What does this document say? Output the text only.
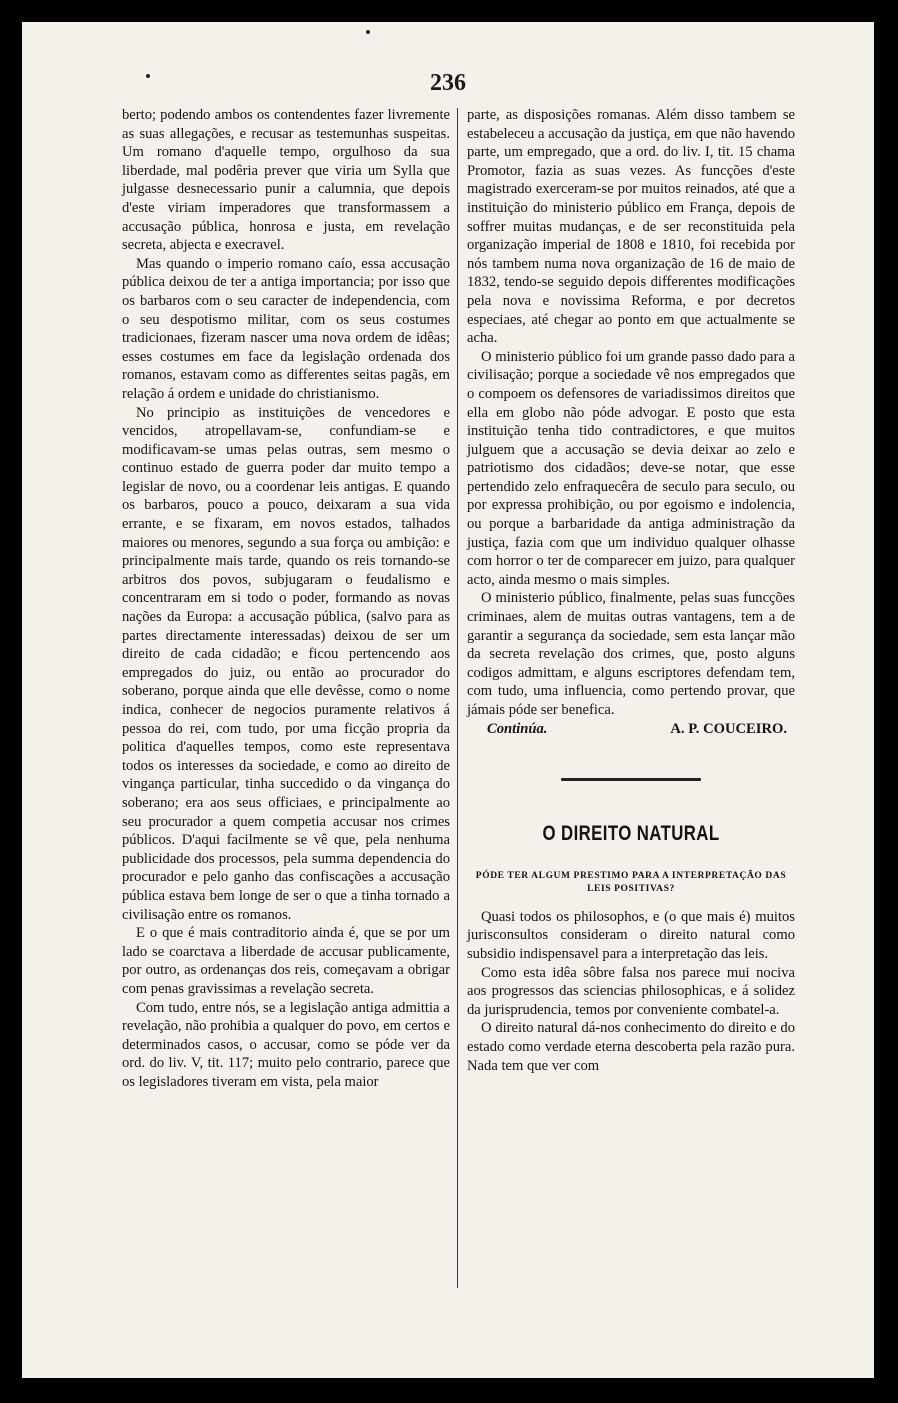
236

berto; podendo ambos os contendentes fazer livremente as suas allegações, e recusar as testemunhas suspeitas. Um romano d'aquelle tempo, orgulhoso da sua liberdade, mal podêria prever que viria um Sylla que julgasse desnecessario punir a calumnia, que depois d'este viriam imperadores que transformassem a accusação pública, honrosa e justa, em revelação secreta, abjecta e execravel.

Mas quando o imperio romano caío, essa accusação pública deixou de ter a antiga importancia; por isso que os barbaros com o seu caracter de independencia, com o seu despotismo militar, com os seus costumes tradicionaes, fizeram nascer uma nova ordem de idêas; esses costumes em face da legislação ordenada dos romanos, estavam como as differentes seitas pagãs, em relação á ordem e unidade do christianismo.

No principio as instituições de vencedores e vencidos, atropellavam-se, confundiam-se e modificavam-se umas pelas outras, sem mesmo o continuo estado de guerra poder dar muito tempo a legislar de novo, ou a coordenar leis antigas. E quando os barbaros, pouco a pouco, deixaram a sua vida errante, e se fixaram, em novos estados, talhados maiores ou menores, segundo a sua força ou ambição: e principalmente mais tarde, quando os reis tornando-se arbitros dos povos, subjugaram o feudalismo e concentraram em si todo o poder, formando as novas nações da Europa: a accusação pública, (salvo para as partes directamente interessadas) deixou de ser um direito de cada cidadão; e ficou pertencendo aos empregados do juiz, ou então ao procurador do soberano, porque ainda que elle devêsse, como o nome indica, conhecer de negocios puramente relativos á pessoa do rei, com tudo, por uma ficção propria da politica d'aquelles tempos, como este representava todos os interesses da sociedade, e como ao direito de vingança particular, tinha succedido o da vingança do soberano; era aos seus officiaes, e principalmente ao seu procurador a quem competia accusar nos crimes públicos. D'aqui facilmente se vê que, pela nenhuma publicidade dos processos, pela summa dependencia do procurador e pelo ganho das confiscações a accusação pública estava bem longe de ser o que a tinha tornado a civilisação entre os romanos.

E o que é mais contraditorio ainda é, que se por um lado se coarctava a liberdade de accusar publicamente, por outro, as ordenanças dos reis, começavam a obrigar com penas gravissimas a revelação secreta.

Com tudo, entre nós, se a legislação antiga admittia a revelação, não prohibia a qualquer do povo, em certos e determinados casos, o accusar, como se póde ver da ord. do liv. V, tit. 117; muito pelo contrario, parece que os legisladores tiveram em vista, pela maior

parte, as disposições romanas. Além disso tambem se estabeleceu a accusação da justiça, em que não havendo parte, um empregado, que a ord. do liv. I, tit. 15 chama Promotor, fazia as suas vezes. As funcções d'este magistrado exerceram-se por muitos reinados, até que a instituição do ministerio público em França, depois de soffrer muitas mudanças, e de ser reconstituida pela organização imperial de 1808 e 1810, foi recebida por nós tambem numa nova organização de 16 de maio de 1832, tendo-se seguido depois differentes modificações pela nova e novissima Reforma, e por decretos especiaes, até chegar ao ponto em que actualmente se acha.

O ministerio público foi um grande passo dado para a civilisação; porque a sociedade vê nos empregados que o compoem os defensores de variadissimos direitos que ella em globo não póde advogar. E posto que esta instituição tenha tido contradictores, e que muitos julguem que a accusação se devia deixar ao zelo e patriotismo dos cidadãos; deve-se notar, que esse pertendido zelo enfraquecêra de seculo para seculo, ou por expressa prohibição, ou por egoismo e indolencia, ou porque a barbaridade da antiga administração da justiça, fazia com que um individuo qualquer olhasse com horror o ter de comparecer em juizo, para qualquer acto, ainda mesmo o mais simples.

O ministerio público, finalmente, pelas suas funcções criminaes, alem de muitas outras vantagens, tem a de garantir a segurança da sociedade, sem esta lançar mão da secreta revelação dos crimes, que, posto alguns codigos admittam, e alguns escriptores defendam tem, com tudo, uma influencia, como pertendo provar, que jámais póde ser benefica.

Continúa.	A. P. COUCEIRO.
O DIREITO NATURAL
PÓDE TER ALGUM PRESTIMO PARA A INTERPRETAÇÃO DAS LEIS POSITIVAS?

Quasi todos os philosophos, e (o que mais é) muitos jurisconsultos consideram o direito natural como subsidio indispensavel para a interpretação das leis.

Como esta idêa sôbre falsa nos parece mui nociva aos progressos das sciencias philosophicas, e á solidez da jurisprudencia, temos por conveniente combatel-a.

O direito natural dá-nos conhecimento do direito e do estado como verdade eterna descoberta pela razão pura. Nada tem que ver com
